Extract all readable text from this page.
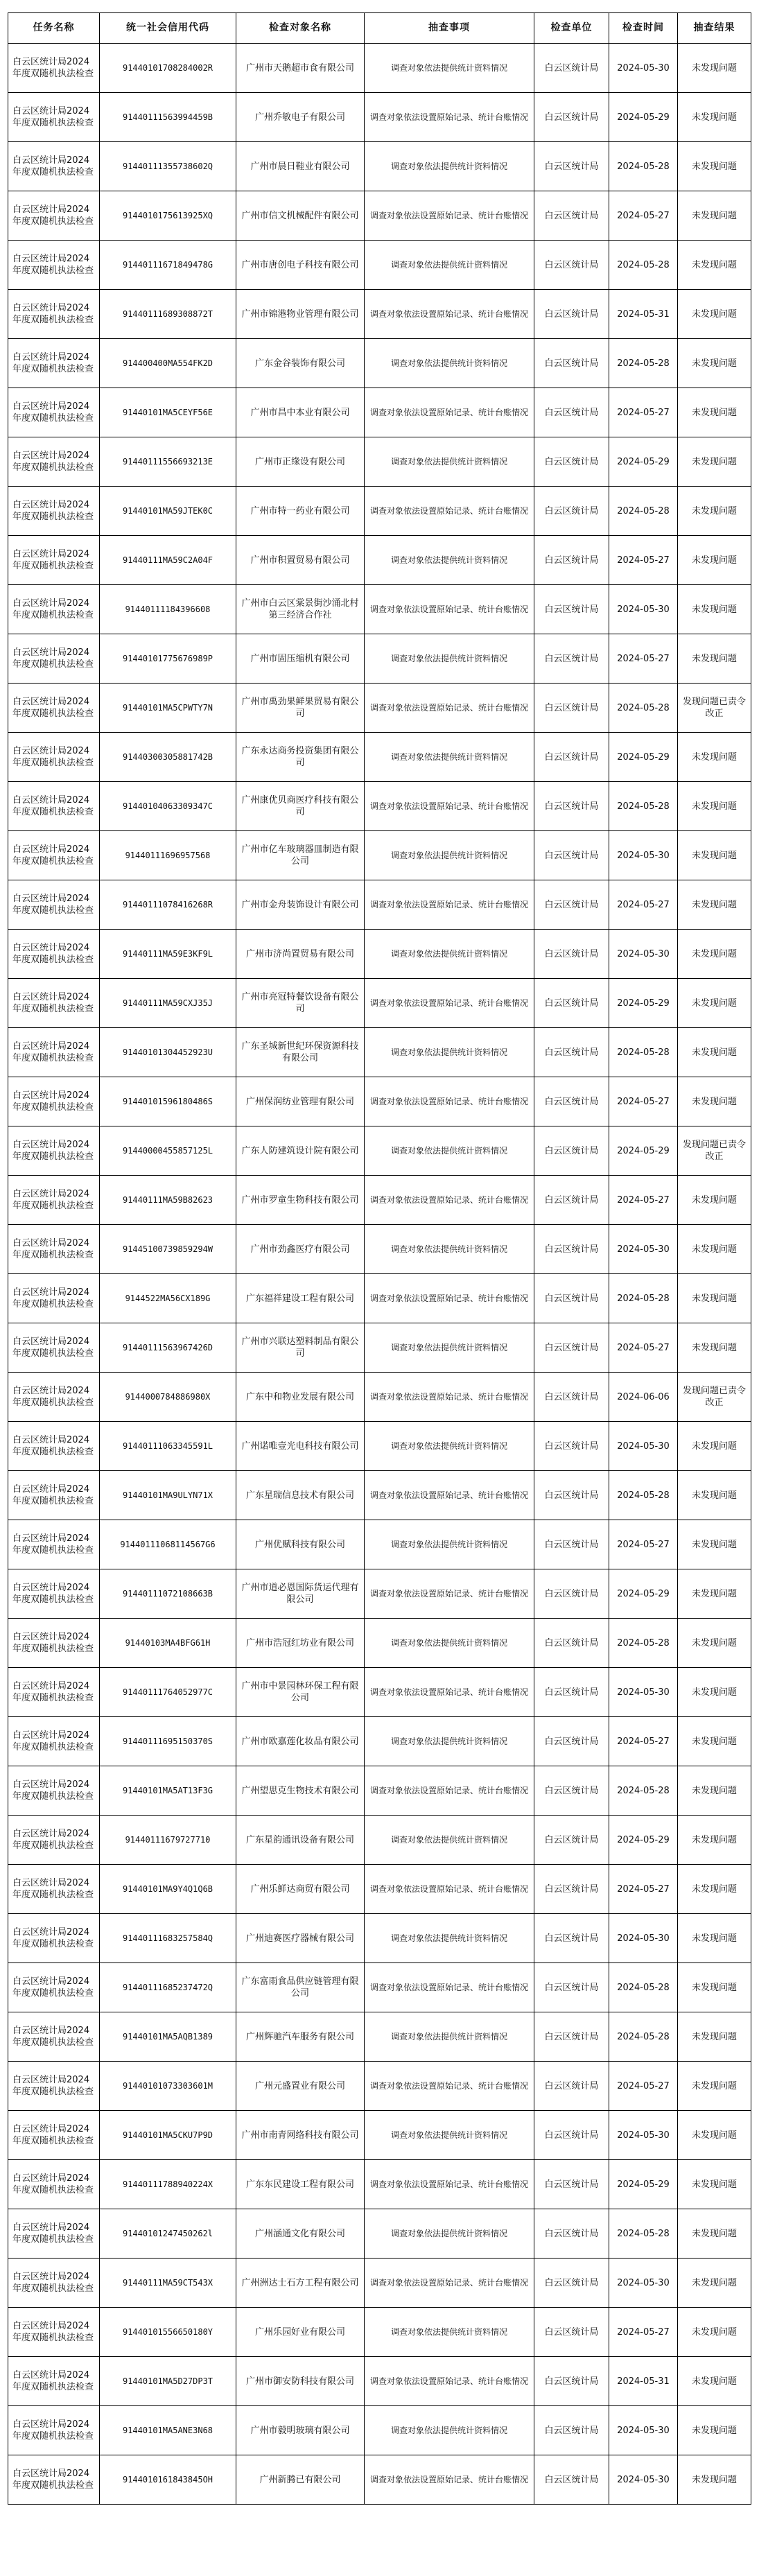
任务名称	统一社会信用代码	检查对象名称	抽查事项	检查单位	检查时间	抽查结果
白云区统计局2024年度双随机执法检查	91440101708284002R	广州市天鹅超市食有限公司	调查对象依法提供统计资料情况	白云区统计局	2024-05-30	未发现问题
白云区统计局2024年度双随机执法检查	91440111563994459B	广州乔敏电子有限公司	调查对象依法设置原始记录、统计台账情况	白云区统计局	2024-05-29	未发现问题
白云区统计局2024年度双随机执法检查	91440111355738602Q	广州市晨日鞋业有限公司	调查对象依法提供统计资料情况	白云区统计局	2024-05-28	未发现问题
白云区统计局2024年度双随机执法检查	9144010175613925XQ	广州市信文机械配件有限公司	调查对象依法设置原始记录、统计台账情况	白云区统计局	2024-05-27	未发现问题
白云区统计局2024年度双随机执法检查	91440111671849478G	广州市唐创电子科技有限公司	调查对象依法提供统计资料情况	白云区统计局	2024-05-28	未发现问题
白云区统计局2024年度双随机执法检查	91440111689308872T	广州市锦港物业管理有限公司	调查对象依法设置原始记录、统计台账情况	白云区统计局	2024-05-31	未发现问题
白云区统计局2024年度双随机执法检查	914400400MA554FK2D	广东金谷装饰有限公司	调查对象依法提供统计资料情况	白云区统计局	2024-05-28	未发现问题
白云区统计局2024年度双随机执法检查	91440101MA5CEYF56E	广州市昌中本业有限公司	调查对象依法设置原始记录、统计台账情况	白云区统计局	2024-05-27	未发现问题
白云区统计局2024年度双随机执法检查	91440111556693213E	广州市正缘设有限公司	调查对象依法提供统计资料情况	白云区统计局	2024-05-29	未发现问题
白云区统计局2024年度双随机执法检查	91440101MA59JTEK0C	广州市特一药业有限公司	调查对象依法设置原始记录、统计台账情况	白云区统计局	2024-05-28	未发现问题
白云区统计局2024年度双随机执法检查	91440111MA59C2A04F	广州市积置贸易有限公司	调查对象依法提供统计资料情况	白云区统计局	2024-05-27	未发现问题
白云区统计局2024年度双随机执法检查	91440111184396608	广州市白云区棠景街沙涌北村第三经济合作社	调查对象依法设置原始记录、统计台账情况	白云区统计局	2024-05-30	未发现问题
白云区统计局2024年度双随机执法检查	91440101775676989P	广州市固压缩机有限公司	调查对象依法提供统计资料情况	白云区统计局	2024-05-27	未发现问题
白云区统计局2024年度双随机执法检查	91440101MA5CPWTY7N	广州市禹劲果鲜果贸易有限公司	调查对象依法设置原始记录、统计台账情况	白云区统计局	2024-05-28	发现问题已责令改正
白云区统计局2024年度双随机执法检查	91440300305881742B	广东永达商务投资集团有限公司	调查对象依法提供统计资料情况	白云区统计局	2024-05-29	未发现问题
白云区统计局2024年度双随机执法检查	91440104063309347C	广州康优贝商医疗科技有限公司	调查对象依法设置原始记录、统计台账情况	白云区统计局	2024-05-28	未发现问题
白云区统计局2024年度双随机执法检查	91440111696957568	广州市亿车玻璃器皿制造有限公司	调查对象依法提供统计资料情况	白云区统计局	2024-05-30	未发现问题
白云区统计局2024年度双随机执法检查	91440111078416268R	广州市金舟装饰设计有限公司	调查对象依法设置原始记录、统计台账情况	白云区统计局	2024-05-27	未发现问题
白云区统计局2024年度双随机执法检查	91440111MA59E3KF9L	广州市济尚置贸易有限公司	调查对象依法提供统计资料情况	白云区统计局	2024-05-30	未发现问题
白云区统计局2024年度双随机执法检查	91440111MA59CXJ35J	广州市亮冠特餐饮设备有限公司	调查对象依法设置原始记录、统计台账情况	白云区统计局	2024-05-29	未发现问题
白云区统计局2024年度双随机执法检查	91440101304452923U	广东圣城新世纪环保资源科技有限公司	调查对象依法提供统计资料情况	白云区统计局	2024-05-28	未发现问题
白云区统计局2024年度双随机执法检查	91440101596180486S	广州保润纺业管理有限公司	调查对象依法设置原始记录、统计台账情况	白云区统计局	2024-05-27	未发现问题
白云区统计局2024年度双随机执法检查	91440000455857125L	广东人防建筑设计院有限公司	调查对象依法提供统计资料情况	白云区统计局	2024-05-29	发现问题已责令改正
白云区统计局2024年度双随机执法检查	91440111MA59B82623	广州市罗童生物科技有限公司	调查对象依法设置原始记录、统计台账情况	白云区统计局	2024-05-27	未发现问题
白云区统计局2024年度双随机执法检查	91445100739859294W	广州市劲鑫医疗有限公司	调查对象依法提供统计资料情况	白云区统计局	2024-05-30	未发现问题
白云区统计局2024年度双随机执法检查	9144522MA56CX189G	广东福祥建设工程有限公司	调查对象依法设置原始记录、统计台账情况	白云区统计局	2024-05-28	未发现问题
白云区统计局2024年度双随机执法检查	91440111563967426D	广州市兴联达塑料制品有限公司	调查对象依法提供统计资料情况	白云区统计局	2024-05-27	未发现问题
白云区统计局2024年度双随机执法检查	9144000784886980X	广东中和物业发展有限公司	调查对象依法设置原始记录、统计台账情况	白云区统计局	2024-06-06	发现问题已责令改正
白云区统计局2024年度双随机执法检查	91440111063345591L	广州诺唯壹光电科技有限公司	调查对象依法提供统计资料情况	白云区统计局	2024-05-30	未发现问题
白云区统计局2024年度双随机执法检查	91440101MA9ULYN71X	广东星瑞信息技术有限公司	调查对象依法设置原始记录、统计台账情况	白云区统计局	2024-05-28	未发现问题
白云区统计局2024年度双随机执法检查	91440111068114567G6	广州优赋科技有限公司	调查对象依法提供统计资料情况	白云区统计局	2024-05-27	未发现问题
白云区统计局2024年度双随机执法检查	91440111072108663B	广州市道必恩国际货运代理有限公司	调查对象依法设置原始记录、统计台账情况	白云区统计局	2024-05-29	未发现问题
白云区统计局2024年度双随机执法检查	91440103MA4BFG61H	广州市浩冠红坊业有限公司	调查对象依法提供统计资料情况	白云区统计局	2024-05-28	未发现问题
白云区统计局2024年度双随机执法检查	91440111764052977C	广州市中景园林环保工程有限公司	调查对象依法设置原始记录、统计台账情况	白云区统计局	2024-05-30	未发现问题
白云区统计局2024年度双随机执法检查	91440111695150370S	广州市欧嘉莲化妆品有限公司	调查对象依法提供统计资料情况	白云区统计局	2024-05-27	未发现问题
白云区统计局2024年度双随机执法检查	91440101MA5AT13F3G	广州望思克生物技术有限公司	调查对象依法设置原始记录、统计台账情况	白云区统计局	2024-05-28	未发现问题
白云区统计局2024年度双随机执法检查	91440111679727710	广东星韵通讯设备有限公司	调查对象依法提供统计资料情况	白云区统计局	2024-05-29	未发现问题
白云区统计局2024年度双随机执法检查	91440101MA9Y4Q1Q6B	广州乐鲜达商贸有限公司	调查对象依法设置原始记录、统计台账情况	白云区统计局	2024-05-27	未发现问题
白云区统计局2024年度双随机执法检查	91440111683257584Q	广州迪赛医疗器械有限公司	调查对象依法提供统计资料情况	白云区统计局	2024-05-30	未发现问题
白云区统计局2024年度双随机执法检查	91440111685237472Q	广东富雨食品供应链管理有限公司	调查对象依法设置原始记录、统计台账情况	白云区统计局	2024-05-28	未发现问题
白云区统计局2024年度双随机执法检查	91440101MA5AQB1389	广州辉驰汽车服务有限公司	调查对象依法提供统计资料情况	白云区统计局	2024-05-28	未发现问题
白云区统计局2024年度双随机执法检查	91440101073303601M	广州元盛置业有限公司	调查对象依法设置原始记录、统计台账情况	白云区统计局	2024-05-27	未发现问题
白云区统计局2024年度双随机执法检查	91440101MA5CKU7P9D	广州市南青网络科技有限公司	调查对象依法提供统计资料情况	白云区统计局	2024-05-30	未发现问题
白云区统计局2024年度双随机执法检查	91440111788940224X	广东东民建设工程有限公司	调查对象依法设置原始记录、统计台账情况	白云区统计局	2024-05-29	未发现问题
白云区统计局2024年度双随机执法检查	91440101247450262l	广州涵通文化有限公司	调查对象依法提供统计资料情况	白云区统计局	2024-05-28	未发现问题
白云区统计局2024年度双随机执法检查	91440111MA59CT543X	广州洲达士石方工程有限公司	调查对象依法设置原始记录、统计台账情况	白云区统计局	2024-05-30	未发现问题
白云区统计局2024年度双随机执法检查	91440101556650180Y	广州乐园好业有限公司	调查对象依法提供统计资料情况	白云区统计局	2024-05-27	未发现问题
白云区统计局2024年度双随机执法检查	91440101MA5D27DP3T	广州市御安防科技有限公司	调查对象依法设置原始记录、统计台账情况	白云区统计局	2024-05-31	未发现问题
白云区统计局2024年度双随机执法检查	91440101MA5ANE3N68	广州市毅明玻璃有限公司	调查对象依法提供统计资料情况	白云区统计局	2024-05-30	未发现问题
白云区统计局2024年度双随机执法检查	9144010161843845OH	广州新腾已有限公司	调查对象依法设置原始记录、统计台账情况	白云区统计局	2024-05-30	未发现问题
